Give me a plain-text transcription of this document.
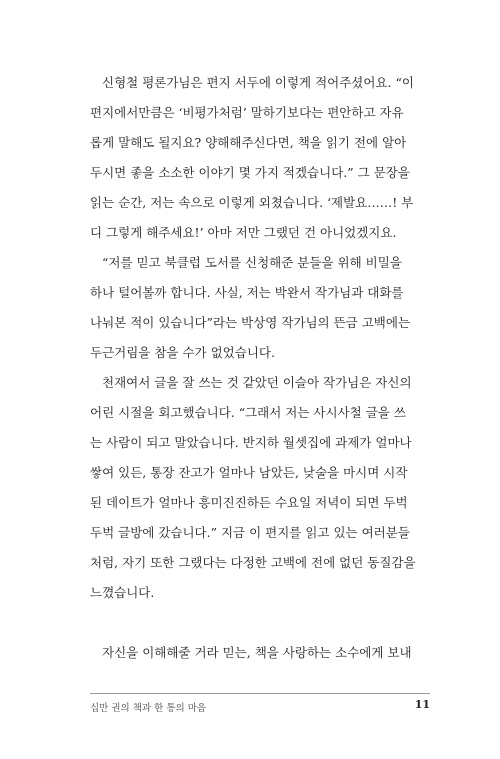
신형철 평론가님은 편지 서두에 이렇게 적어주셨어요. “이
편지에서만큼은 ‘비평가처럼’ 말하기보다는 편안하고 자유
롭게 말해도 될지요? 양해해주신다면, 책을 읽기 전에 알아
두시면 좋을 소소한 이야기 몇 가지 적겠습니다.” 그 문장을
읽는 순간, 저는 속으로 이렇게 외쳤습니다. ‘제발요……! 부
디 그렇게 해주세요!’ 아마 저만 그랬던 건 아니었겠지요.

“저를 믿고 북클럽 도서를 신청해준 분들을 위해 비밀을
하나 털어볼까 합니다. 사실, 저는 박완서 작가님과 대화를
나눠본 적이 있습니다”라는 박상영 작가님의 뜬금 고백에는
두근거림을 참을 수가 없었습니다.

천재여서 글을 잘 쓰는 것 같았던 이슬아 작가님은 자신의
어린 시절을 회고했습니다. “그래서 저는 사시사철 글을 쓰
는 사람이 되고 말았습니다. 반지하 월셋집에 과제가 얼마나
쌓여 있든, 통장 잔고가 얼마나 남았든, 낮술을 마시며 시작
된 데이트가 얼마나 흥미진진하든 수요일 저녁이 되면 두벅
두벅 글방에 갔습니다.” 지금 이 편지를 읽고 있는 여러분들
처럼, 자기 또한 그랬다는 다정한 고백에 전에 없던 동질감을
느꼈습니다.

자신을 이해해줄 거라 믿는, 책을 사랑하는 소수에게 보내

십만 권의 책과 한 통의 마음	11
